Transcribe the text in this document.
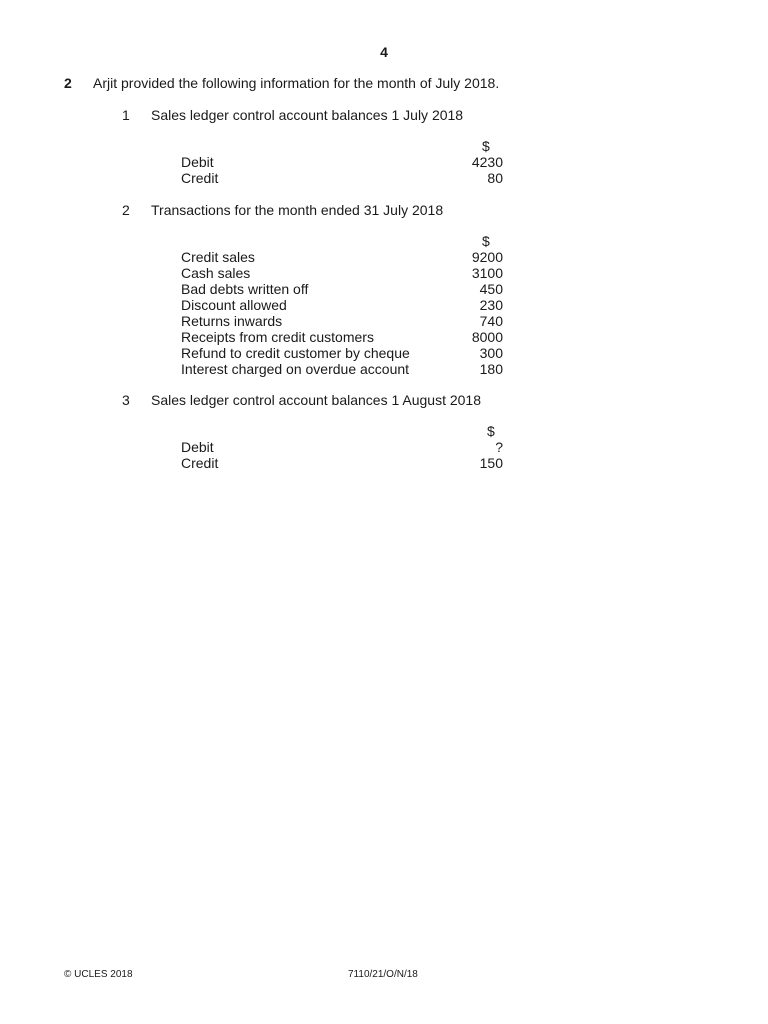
4
2 Arjit provided the following information for the month of July 2018.
1 Sales ledger control account balances 1 July 2018
$
Debit	4230
Credit	80
2 Transactions for the month ended 31 July 2018
$
Credit sales	9200
Cash sales	3100
Bad debts written off	450
Discount allowed	230
Returns inwards	740
Receipts from credit customers	8000
Refund to credit customer by cheque	300
Interest charged on overdue account	180
3 Sales ledger control account balances 1 August 2018
$
Debit	?
Credit	150
© UCLES 2018	7110/21/O/N/18
